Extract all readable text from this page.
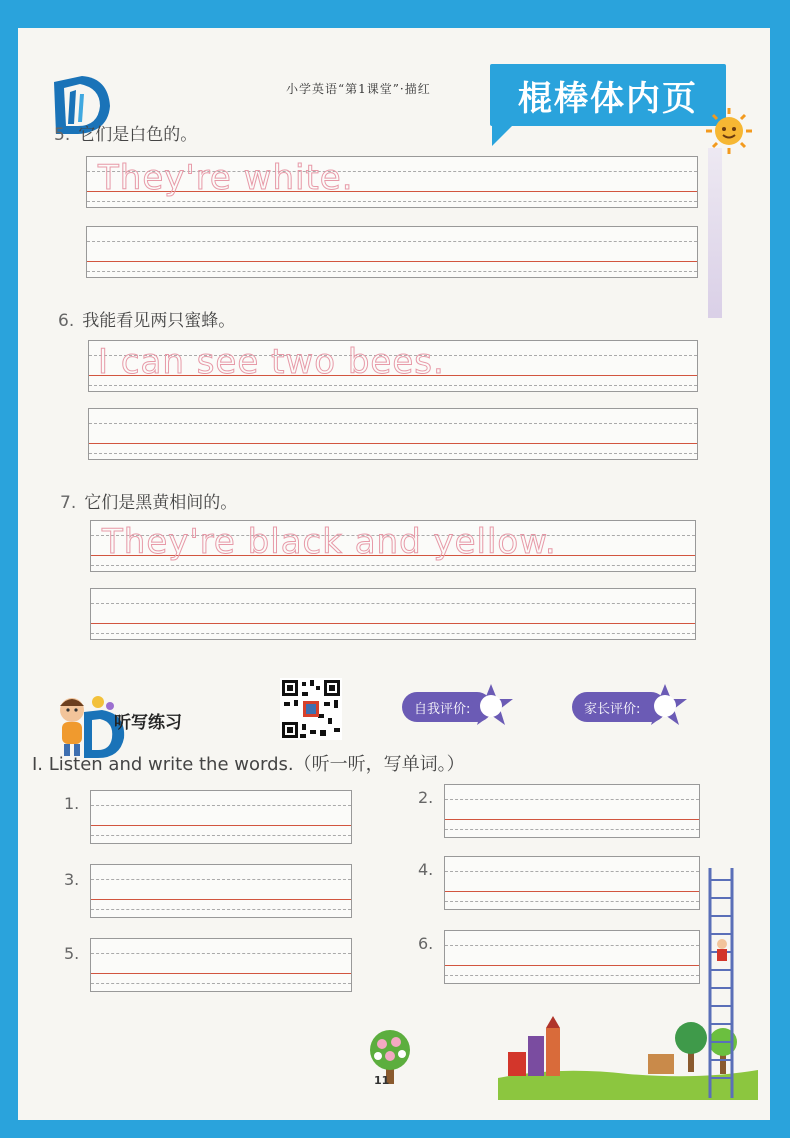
小学英语“第1课堂”·描红	棍棒体内页
5. 它们是白色的。
They're white.
6. 我能看见两只蜜蜂。
I can see two bees.
7. 它们是黑黄相间的。
They're black and yellow.
听写练习
自我评价:	家长评价:
Ⅰ. Listen and write the words.（听一听，写单词。）
1.	2.
3.
4.
5.
6.
11
